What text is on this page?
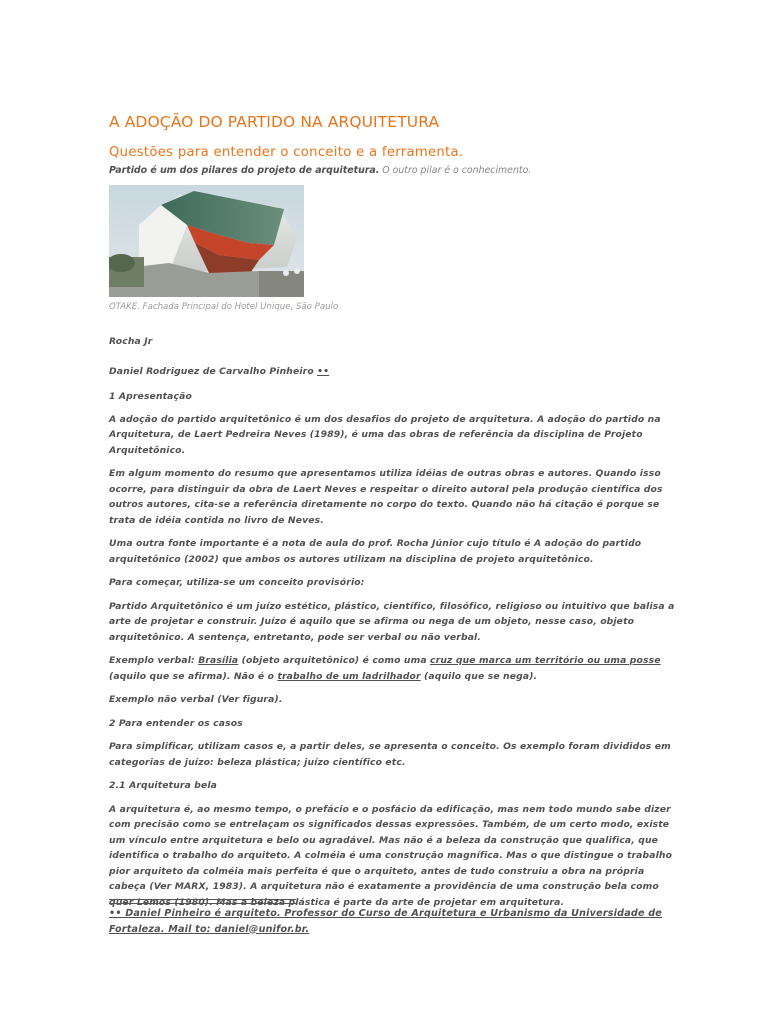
A ADOÇÃO DO PARTIDO NA ARQUITETURA
Questões para entender o conceito e a ferramenta.
Partido é um dos pilares do projeto de arquitetura. O outro pilar é o conhecimento.
OTAKE. Fachada Principal do Hotel Unique, São Paulo

Rocha Jr

Daniel Rodriguez de Carvalho Pinheiro ••

1 Apresentação

A adoção do partido arquitetônico é um dos desafios do projeto de arquitetura. A adoção do partido na Arquitetura, de Laert Pedreira Neves (1989), é uma das obras de referência da disciplina de Projeto Arquitetônico.

Em algum momento do resumo que apresentamos utiliza idéias de outras obras e autores. Quando isso ocorre, para distinguir da obra de Laert Neves e respeitar o direito autoral pela produção científica dos outros autores, cita-se a referência diretamente no corpo do texto. Quando não há citação é porque se trata de idéia contida no livro de Neves.

Uma outra fonte importante é a nota de aula do prof. Rocha Júnior cujo título é A adoção do partido arquitetônico (2002) que ambos os autores utilizam na disciplina de projeto arquitetônico.

Para começar, utiliza-se um conceito provisório:

Partido Arquitetônico é um juízo estético, plástico, científico, filosófico, religioso ou intuitivo que balisa a arte de projetar e construir. Juízo é aquilo que se afirma ou nega de um objeto, nesse caso, objeto arquitetônico. A sentença, entretanto, pode ser verbal ou não verbal.

Exemplo verbal: Brasília (objeto arquitetônico) é como uma cruz que marca um território ou uma posse (aquilo que se afirma). Não é o trabalho de um ladrilhador (aquilo que se nega).

Exemplo não verbal (Ver figura).

2 Para entender os casos

Para simplificar, utilizam casos e, a partir deles, se apresenta o conceito. Os exemplo foram divididos em categorias de juízo: beleza plástica; juízo científico etc.

2.1 Arquitetura bela

A arquitetura é, ao mesmo tempo, o prefácio e o posfácio da edificação, mas nem todo mundo sabe dizer com precisão como se entrelaçam os significados dessas expressões. Também, de um certo modo, existe um vínculo entre arquitetura e belo ou agradável. Mas não é a beleza da construção que qualifica, que identifica o trabalho do arquiteto. A colméia é uma construção magnífica. Mas o que distingue o trabalho pior arquiteto da colméia mais perfeita é que o arquiteto, antes de tudo construiu a obra na própria cabeça (Ver MARX, 1983). A arquitetura não é exatamente a providência de uma construção bela como quer Lemos (1980). Mas a beleza plástica é parte da arte de projetar em arquitetura.

•• Daniel Pinheiro é arquiteto. Professor do Curso de Arquitetura e Urbanismo da Universidade de Fortaleza. Mail to: daniel@unifor.br.
